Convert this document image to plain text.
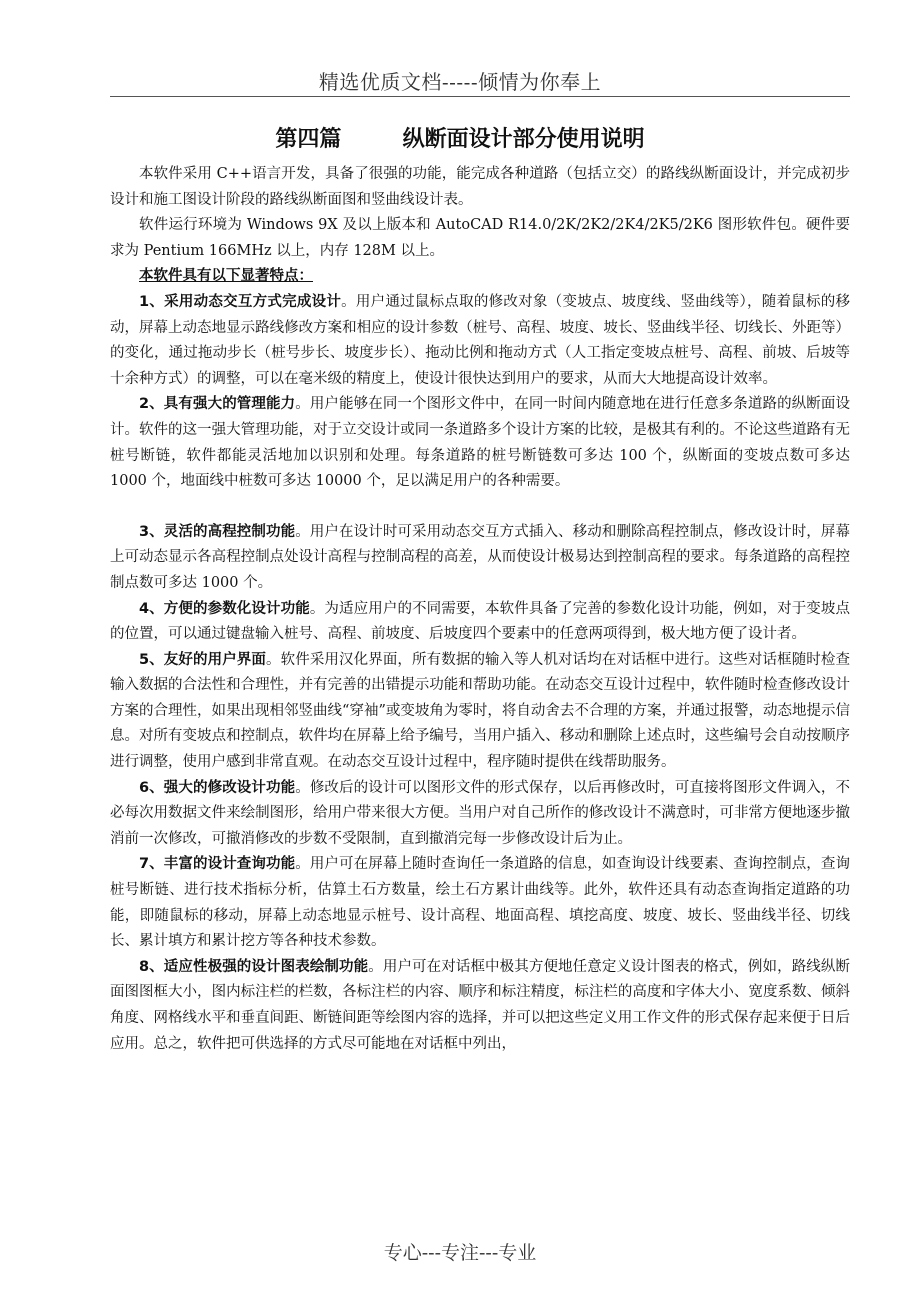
精选优质文档-----倾情为你奉上
第四篇        纵断面设计部分使用说明

本软件采用 C++语言开发，具备了很强的功能，能完成各种道路（包括立交）的路线纵断面设计，并完成初步设计和施工图设计阶段的路线纵断面图和竖曲线设计表。

软件运行环境为 Windows 9X 及以上版本和 AutoCAD R14.0/2K/2K2/2K4/2K5/2K6 图形软件包。硬件要求为 Pentium 166MHz 以上，内存 128M 以上。

本软件具有以下显著特点：

1、采用动态交互方式完成设计。用户通过鼠标点取的修改对象（变坡点、坡度线、竖曲线等），随着鼠标的移动，屏幕上动态地显示路线修改方案和相应的设计参数（桩号、高程、坡度、坡长、竖曲线半径、切线长、外距等）的变化，通过拖动步长（桩号步长、坡度步长）、拖动比例和拖动方式（人工指定变坡点桩号、高程、前坡、后坡等十余种方式）的调整，可以在毫米级的精度上，使设计很快达到用户的要求，从而大大地提高设计效率。

2、具有强大的管理能力。用户能够在同一个图形文件中，在同一时间内随意地在进行任意多条道路的纵断面设计。软件的这一强大管理功能，对于立交设计或同一条道路多个设计方案的比较，是极其有利的。不论这些道路有无桩号断链，软件都能灵活地加以识别和处理。每条道路的桩号断链数可多达 100 个，纵断面的变坡点数可多达 1000 个，地面线中桩数可多达 10000 个，足以满足用户的各种需要。

3、灵活的高程控制功能。用户在设计时可采用动态交互方式插入、移动和删除高程控制点，修改设计时，屏幕上可动态显示各高程控制点处设计高程与控制高程的高差，从而使设计极易达到控制高程的要求。每条道路的高程控制点数可多达 1000 个。

4、方便的参数化设计功能。为适应用户的不同需要，本软件具备了完善的参数化设计功能，例如，对于变坡点的位置，可以通过键盘输入桩号、高程、前坡度、后坡度四个要素中的任意两项得到，极大地方便了设计者。

5、友好的用户界面。软件采用汉化界面，所有数据的输入等人机对话均在对话框中进行。这些对话框随时检查输入数据的合法性和合理性，并有完善的出错提示功能和帮助功能。在动态交互设计过程中，软件随时检查修改设计方案的合理性，如果出现相邻竖曲线“穿袖”或变坡角为零时，将自动舍去不合理的方案，并通过报警，动态地提示信息。对所有变坡点和控制点，软件均在屏幕上给予编号，当用户插入、移动和删除上述点时，这些编号会自动按顺序进行调整，使用户感到非常直观。在动态交互设计过程中，程序随时提供在线帮助服务。

6、强大的修改设计功能。修改后的设计可以图形文件的形式保存，以后再修改时，可直接将图形文件调入，不必每次用数据文件来绘制图形，给用户带来很大方便。当用户对自己所作的修改设计不满意时，可非常方便地逐步撤消前一次修改，可撤消修改的步数不受限制，直到撤消完每一步修改设计后为止。

7、丰富的设计查询功能。用户可在屏幕上随时查询任一条道路的信息，如查询设计线要素、查询控制点，查询桩号断链、进行技术指标分析，估算土石方数量，绘土石方累计曲线等。此外，软件还具有动态查询指定道路的功能，即随鼠标的移动，屏幕上动态地显示桩号、设计高程、地面高程、填挖高度、坡度、坡长、竖曲线半径、切线长、累计填方和累计挖方等各种技术参数。

8、适应性极强的设计图表绘制功能。用户可在对话框中极其方便地任意定义设计图表的格式，例如，路线纵断面图图框大小，图内标注栏的栏数，各标注栏的内容、顺序和标注精度，标注栏的高度和字体大小、宽度系数、倾斜角度、网格线水平和垂直间距、断链间距等绘图内容的选择，并可以把这些定义用工作文件的形式保存起来便于日后应用。总之，软件把可供选择的方式尽可能地在对话框中列出，

专心---专注---专业
